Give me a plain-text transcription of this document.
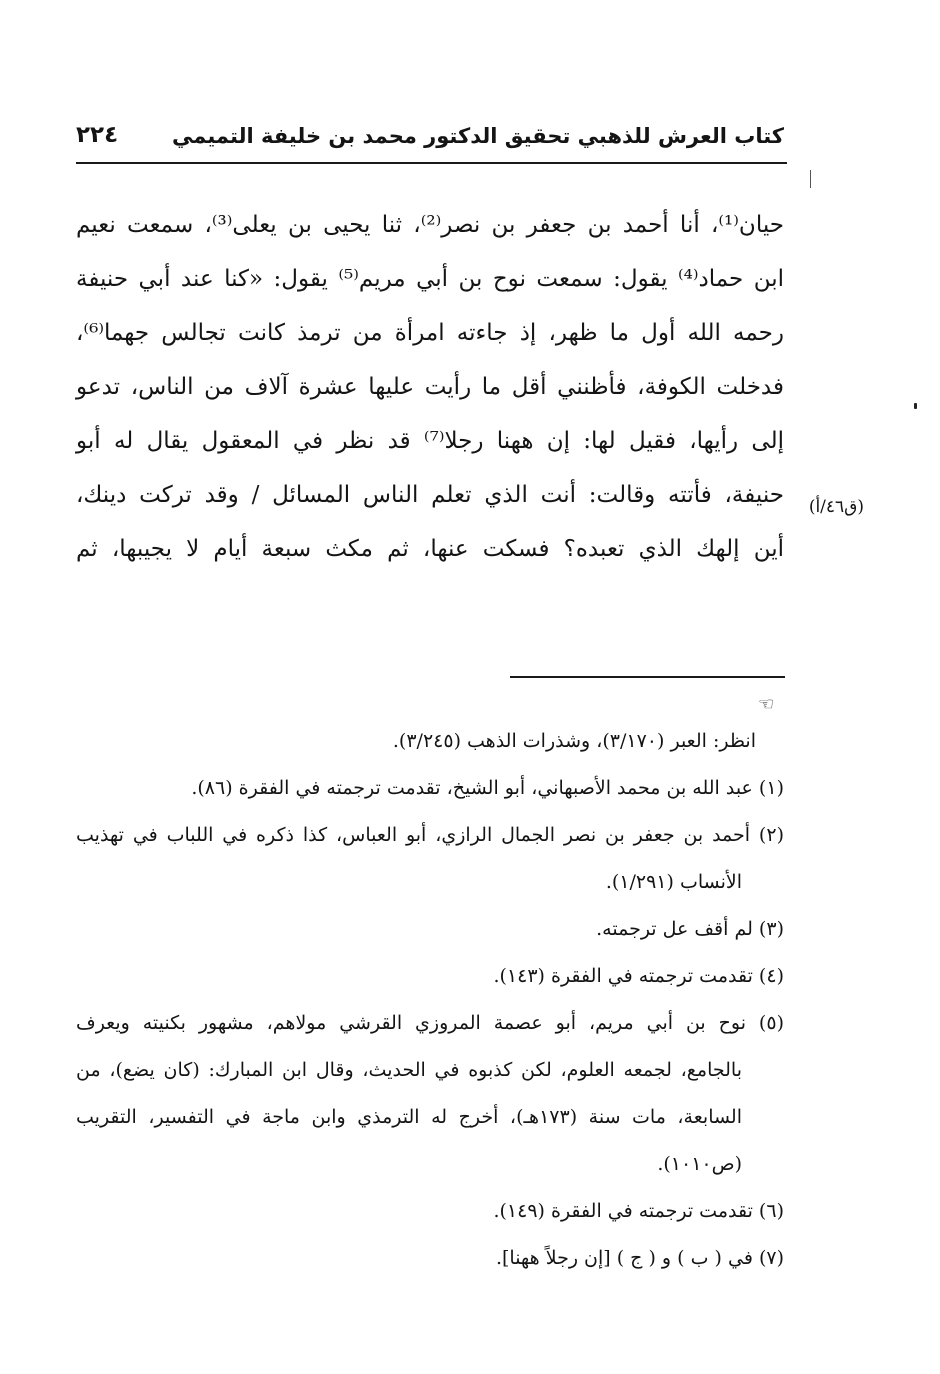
كتاب العرش للذهبي تحقيق الدكتور محمد بن خليفة التميمي
٢٢٤
حيان⁽¹⁾، أنا أحمد بن جعفر بن نصر⁽²⁾، ثنا يحيى بن يعلى⁽³⁾، سمعت نعيم
ابن حماد⁽⁴⁾ يقول: سمعت نوح بن أبي مريم⁽⁵⁾ يقول: «كنا عند أبي حنيفة
رحمه الله أول ما ظهر، إذ جاءته امرأة من ترمذ كانت تجالس جهما⁽⁶⁾،
فدخلت الكوفة، فأظنني أقل ما رأيت عليها عشرة آلاف من الناس، تدعو
إلى رأيها، فقيل لها: إن ههنا رجلا⁽⁷⁾ قد نظر في المعقول يقال له أبو
حنيفة، فأتته وقالت: أنت الذي تعلم الناس المسائل / وقد تركت دينك،
أين إلهك الذي تعبده؟ فسكت عنها، ثم مكث سبعة أيام لا يجيبها، ثم
(ق٤٦/أ)
☜
انظر: العبر (٣/١٧٠)، وشذرات الذهب (٣/٢٤٥).
(١) عبد الله بن محمد الأصبهاني، أبو الشيخ، تقدمت ترجمته في الفقرة (٨٦).
(٢) أحمد بن جعفر بن نصر الجمال الرازي، أبو العباس، كذا ذكره في اللباب في تهذيب
الأنساب (١/٢٩١).
(٣) لم أقف عل ترجمته.
(٤) تقدمت ترجمته في الفقرة (١٤٣).
(٥) نوح بن أبي مريم، أبو عصمة المروزي القرشي مولاهم، مشهور بكنيته ويعرف
بالجامع، لجمعه العلوم، لكن كذبوه في الحديث، وقال ابن المبارك: (كان يضع)، من
السابعة، مات سنة (١٧٣هـ)، أخرج له الترمذي وابن ماجة في التفسير، التقريب
(ص١٠١٠).
(٦) تقدمت ترجمته في الفقرة (١٤٩).
(٧) في ( ب ) و ( ج ) [إن رجلاً ههنا].
